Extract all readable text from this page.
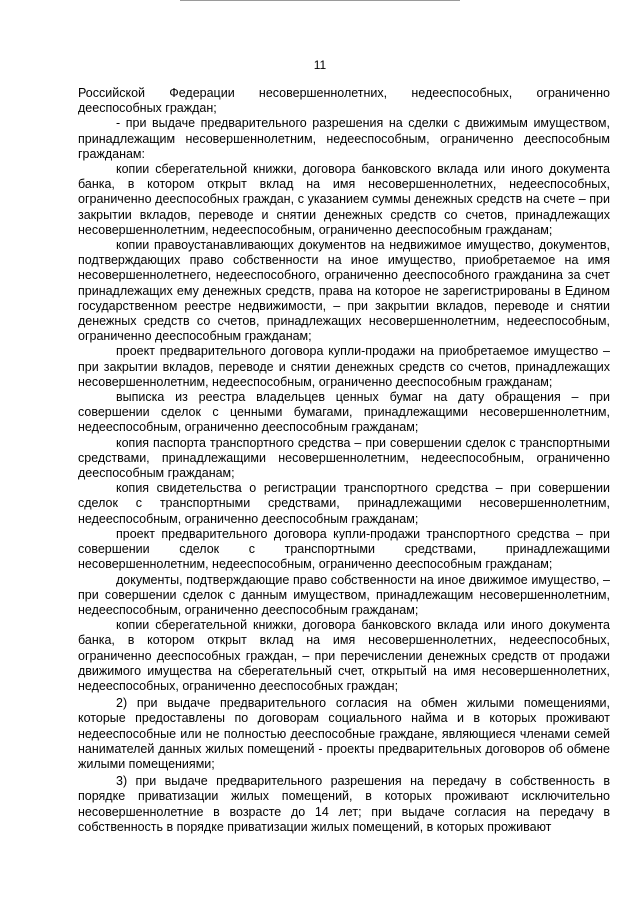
11

Российской Федерации несовершеннолетних, недееспособных, ограниченно дееспособных граждан;

- при выдаче предварительного разрешения на сделки с движимым имуществом, принадлежащим несовершеннолетним, недееспособным, ограниченно дееспособным гражданам:

копии сберегательной книжки, договора банковского вклада или иного документа банка, в котором открыт вклад на имя несовершеннолетних, недееспособных, ограниченно дееспособных граждан, с указанием суммы денежных средств на счете – при закрытии вкладов, переводе и снятии денежных средств со счетов, принадлежащих несовершеннолетним, недееспособным, ограниченно дееспособным гражданам;

копии правоустанавливающих документов на недвижимое имущество, документов, подтверждающих право собственности на иное имущество, приобретаемое на имя несовершеннолетнего, недееспособного, ограниченно дееспособного гражданина за счет принадлежащих ему денежных средств, права на которое не зарегистрированы в Едином государственном реестре недвижимости, – при закрытии вкладов, переводе и снятии денежных средств со счетов, принадлежащих несовершеннолетним, недееспособным, ограниченно дееспособным гражданам;

проект предварительного договора купли-продажи на приобретаемое имущество – при закрытии вкладов, переводе и снятии денежных средств со счетов, принадлежащих несовершеннолетним, недееспособным, ограниченно дееспособным гражданам;

выписка из реестра владельцев ценных бумаг на дату обращения – при совершении сделок с ценными бумагами, принадлежащими несовершеннолетним, недееспособным, ограниченно дееспособным гражданам;

копия паспорта транспортного средства – при совершении сделок с транспортными средствами, принадлежащими несовершеннолетним, недееспособным, ограниченно дееспособным гражданам;

копия свидетельства о регистрации транспортного средства – при совершении сделок с транспортными средствами, принадлежащими несовершеннолетним, недееспособным, ограниченно дееспособным гражданам;

проект предварительного договора купли-продажи транспортного средства – при совершении сделок с транспортными средствами, принадлежащими несовершеннолетним, недееспособным, ограниченно дееспособным гражданам;

документы, подтверждающие право собственности на иное движимое имущество, – при совершении сделок с данным имуществом, принадлежащим несовершеннолетним, недееспособным, ограниченно дееспособным гражданам;

копии сберегательной книжки, договора банковского вклада или иного документа банка, в котором открыт вклад на имя несовершеннолетних, недееспособных, ограниченно дееспособных граждан, – при перечислении денежных средств от продажи движимого имущества на сберегательный счет, открытый на имя несовершеннолетних, недееспособных, ограниченно дееспособных граждан;

2) при выдаче предварительного согласия на обмен жилыми помещениями, которые предоставлены по договорам социального найма и в которых проживают недееспособные или не полностью дееспособные граждане, являющиеся членами семей нанимателей данных жилых помещений - проекты предварительных договоров об обмене жилыми помещениями;

3) при выдаче предварительного разрешения на передачу в собственность в порядке приватизации жилых помещений, в которых проживают исключительно несовершеннолетние в возрасте до 14 лет; при выдаче согласия на передачу в собственность в порядке приватизации жилых помещений, в которых проживают
